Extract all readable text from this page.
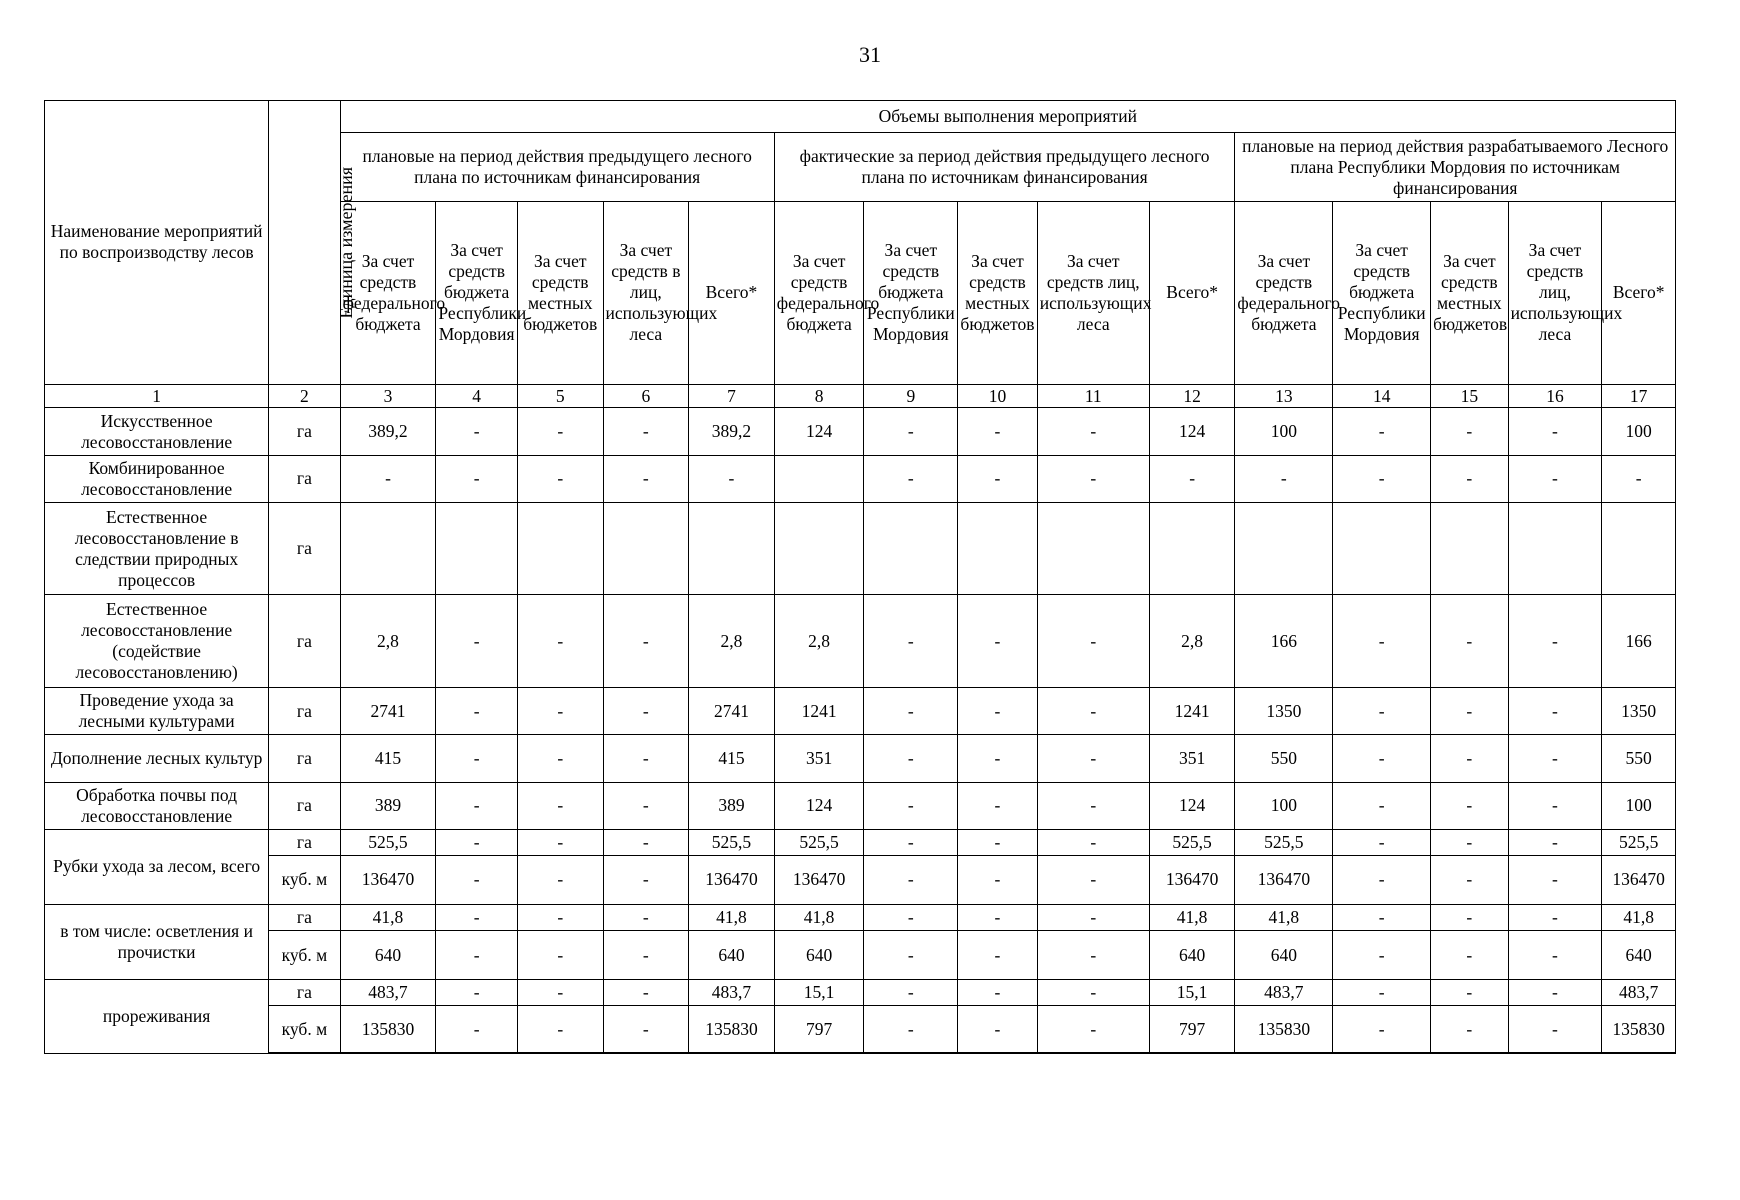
31
Наименование мероприятий по воспроизводству лесов	Единица измерения	Объемы выполнения мероприятий														
		плановые на период действия предыдущего лесного плана по источникам финансирования					фактические за период действия предыдущего лесного плана по источникам финансирования					плановые на период действия разрабатываемого Лесного плана Республики Мордовия по источникам финансирования				
		За счет средств федерального бюджета	За счет средств бюджета Республики Мордовия	За счет средств местных бюджетов	За счет средств в лиц, использующих леса	Всего*	За счет средств федерального бюджета	За счет средств бюджета Республики Мордовия	За счет средств местных бюджетов	За счет средств лиц, использующих леса	Всего*	За счет средств федерального бюджета	За счет средств бюджета Республики Мордовия	За счет средств местных бюджетов	За счет средств лиц, использующих леса	Всего*
1	2	3	4	5	6	7	8	9	10	11	12	13	14	15	16	17
Искусственное лесовосстановление	га	389,2	-	-	-	389,2	124	-	-	-	124	100	-	-	-	100
Комбинированное лесовосстановление	га	-	-	-	-	-		-	-	-	-	-	-	-	-	-
Естественное лесовосстановление в следствии природных процессов	га															
Естественное лесовосстановление (содействие лесовосстановлению)	га	2,8	-	-	-	2,8	2,8	-	-	-	2,8	166	-	-	-	166
Проведение ухода за лесными культурами	га	2741	-	-	-	2741	1241	-	-	-	1241	1350	-	-	-	1350
Дополнение лесных культур	га	415	-	-	-	415	351	-	-	-	351	550	-	-	-	550
Обработка почвы под лесовосстановление	га	389	-	-	-	389	124	-	-	-	124	100	-	-	-	100
Рубки ухода за лесом, всего	га	525,5	-	-	-	525,5	525,5	-	-	-	525,5	525,5	-	-	-	525,5
	куб. м	136470	-	-	-	136470	136470	-	-	-	136470	136470	-	-	-	136470
в том числе: осветления и прочистки	га	41,8	-	-	-	41,8	41,8	-	-	-	41,8	41,8	-	-	-	41,8
	куб. м	640	-	-	-	640	640	-	-	-	640	640	-	-	-	640
прореживания	га	483,7	-	-	-	483,7	15,1	-	-	-	15,1	483,7	-	-	-	483,7
	куб. м	135830	-	-	-	135830	797	-	-	-	797	135830	-	-	-	135830
